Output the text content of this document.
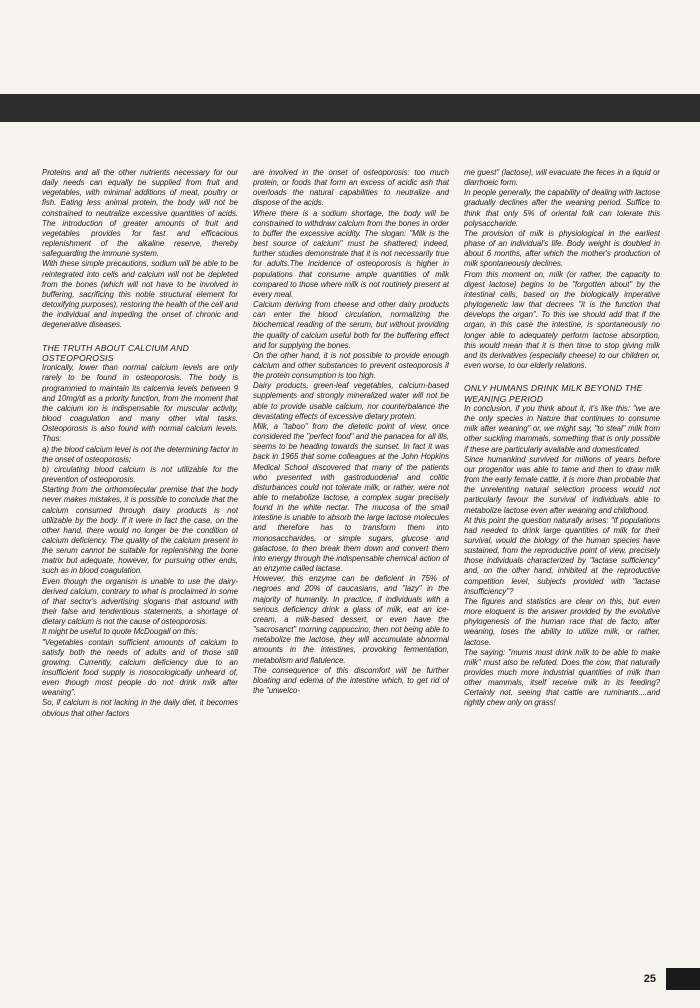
Proteins and all the other nutrients necessary for our daily needs can equally be supplied from fruit and vegetables, with minimal additions of meat, poultry or fish. Eating less animal protein, the body will not be constrained to neutralize excessive quantities of acids. The introduction of greater amounts of fruit and vegetables provides for fast and efficacious replenishment of the alkaline reserve, thereby safeguarding the immune system.

With these simple precautions, sodium will be able to be reintegrated into cells and calcium will not be depleted from the bones (which will not have to be involved in buffering, sacrificing this noble structural element for detoxifying purposes), restoring the health of the cell and the individual and impeding the onset of chronic and degenerative diseases.

THE TRUTH ABOUT CALCIUM AND OSTEOPOROSIS

Ironically, lower than normal calcium levels are only rarely to be found in osteoporosis. The body is programmed to maintain its calcemia levels between 9 and 10mg/dl as a priority function, from the moment that the calcium ion is indispensable for muscular activity, blood coagulation and many other vital tasks. Osteoporosis is also found with normal calcium levels. Thus:

a) the blood calcium level is not the determining factor in the onset of osteoporosis;

b) circulating blood calcium is not utilizable for the prevention of osteoporosis.

Starting from the orthomolecular premise that the body never makes mistakes, it is possible to conclude that the calcium consumed through dairy products is not utilizable by the body. If it were in fact the case, on the other hand, there would no longer be the condition of calcium deficiency. The quality of the calcium present in the serum cannot be suitable for replenishing the bone matrix but adequate, however, for pursuing other ends, such as in blood coagulation.

Even though the organism is unable to use the dairy-derived calcium, contrary to what is proclaimed in some of that sector's advertising slogans that astound with their false and tendentious statements, a shortage of dietary calcium is not the cause of osteoporosis.

It might be useful to quote McDougall on this:

"Vegetables contain sufficient amounts of calcium to satisfy both the needs of adults and of those still growing. Currently, calcium deficiency due to an insufficient food supply is nosocologically unheard of, even though most people do not drink milk after weaning".

So, if calcium is not lacking in the daily diet, it becomes obvious that other factors

are involved in the onset of osteoporosis: too much protein, or foods that form an excess of acidic ash that overloads the natural capabilities to neutralize and dispose of the acids.

Where there is a sodium shortage, the body will be constrained to withdraw calcium from the bones in order to buffer the excessive acidity. The slogan: "Milk is the best source of calcium" must be shattered; indeed, further studies demonstrate that it is not necessarily true for adults.The incidence of osteoporosis is higher in populations that consume ample quantities of milk compared to those where milk is not routinely present at every meal.

Calcium deriving from cheese and other dairy products can enter the blood circulation, normalizing the biochemical reading of the serum, but without providing the quality of calcium useful both for the buffering effect and for supplying the bones.

On the other hand, it is not possible to provide enough calcium and other substances to prevent osteoporosis if the protein consumption is too high.

Dairy products, green-leaf vegetables, calcium-based supplements and strongly mineralized water will not be able to provide usable calcium, nor counterbalance the devastating effects of excessive dietary protein.

Milk, a "taboo" from the dietetic point of view, once considered the "perfect food" and the panacea for all ills, seems to be heading towards the sunset. In fact it was back in 1965 that some colleagues at the John Hopkins Medical School discovered that many of the patients who presented with gastroduodenal and colitic disturbances could not tolerate milk, or rather, were not able to metabolize lactose, a complex sugar precisely found in the white nectar. The mucosa of the small intestine is unable to absorb the large lactose molecules and therefore has to transform them into monosaccharides, or simple sugars, glucose and galactose, to then break them down and convert them into energy through the indispensable chemical action of an enzyme called lactase.

However, this enzyme can be deficient in 75% of negroes and 20% of caucasians, and "lazy" in the majority of humanity. In practice, if individuals with a serious deficiency drink a glass of milk, eat an ice-cream, a milk-based dessert, or even have the "sacrosanct" morning cappuccino, then not being able to metabolize the lactose, they will accumulate abnormal amounts in the intestines, provoking fermentation, metabolism and flatulence.

The consequence of this discomfort will be further bloating and edema of the intestine which, to get rid of the "unwelco-

me guest" (lactose), will evacuate the feces in a liquid or diarrhoeic form.

In people generally, the capability of dealing with lactose gradually declines after the weaning period. Suffice to think that only 5% of oriental folk can tolerate this polysaccharide.

The provision of milk is physiological in the earliest phase of an individual's life. Body weight is doubled in about 6 months, after which the mother's production of milk spontaneously declines.

From this moment on, milk (or rather, the capacity to digest lactose) begins to be "forgotten about" by the intestinal cells, based on the biologically imperative phylogenetic law that decrees "it is the function that develops the organ". To this we should add that if the organ, in this case the intestine, is spontaneously no longer able to adequately perform lactose absorption, this would mean that it is then time to stop giving milk and its derivatives (especially cheese) to our children or, even worse, to our elderly relations.

ONLY HUMANS DRINK MILK BEYOND THE WEANING PERIOD

In conclusion, if you think about it, it's like this: "we are the only species in Nature that continues to consume milk after weaning" or, we might say, "to steal" milk from other suckling mammals, something that is only possible if these are particularly available and domesticated.

Since humankind survived for millions of years before our progenitor was able to tame and then to draw milk from the early female cattle, it is more than probable that the unrelenting natural selection process would not particularly favour the survival of individuals able to metabolize lactose even after weaning and childhood.

At this point the question naturally arises: "if populations had needed to drink large quantities of milk for their survival, would the biology of the human species have sustained, from the reproductive point of view, precisely those individuals characterized by "lactase sufficiency" and, on the other hand, inhibited at the reproductive competition level, subjects provided with "lactase insufficiency"?

The figures and statistics are clear on this, but even more eloquent is the answer provided by the evolutive phylogenesis of the human race that de facto, after weaning, loses the ability to utilize milk, or rather, lactose.

The saying: "mums must drink milk to be able to make milk" must also be refuted. Does the cow, that naturally provides much more industrial quantities of milk than other mammals, itself receive milk in its feeding? Certainly not, seeing that cattle are ruminants....and rightly chew only on grass!

25
